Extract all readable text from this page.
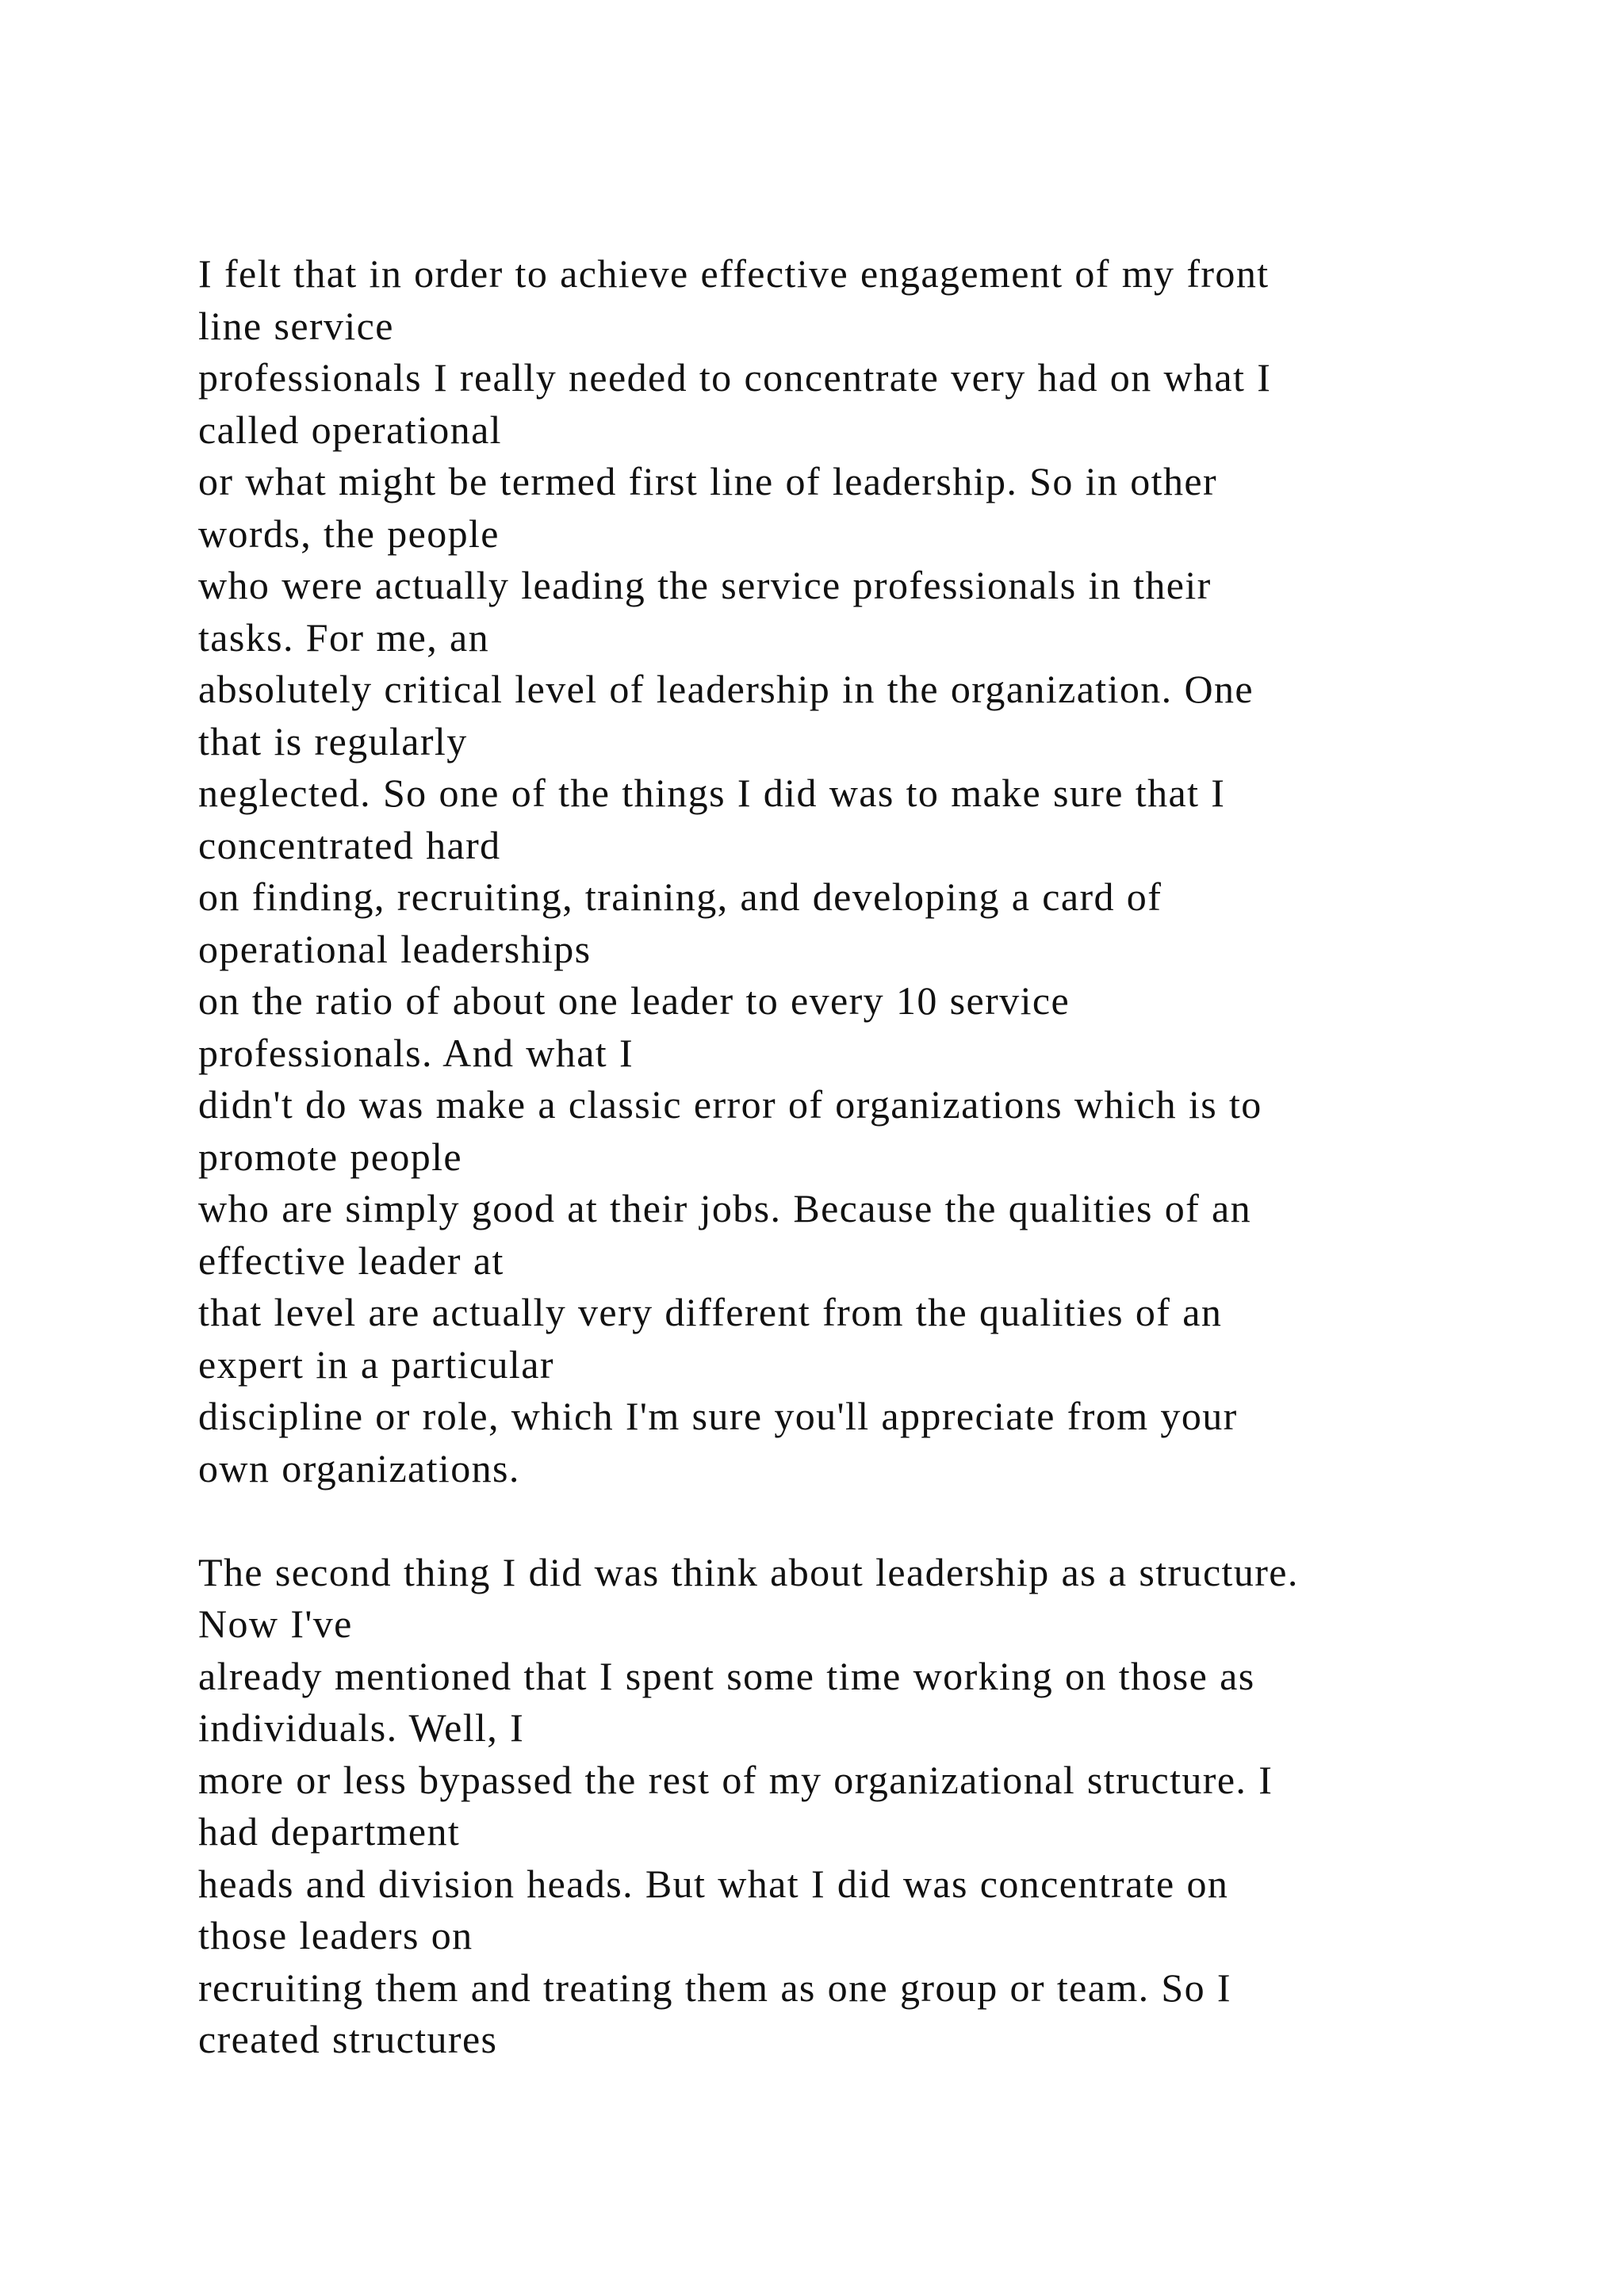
I felt that in order to achieve effective engagement of my front
line service
professionals I really needed to concentrate very had on what I
called operational
or what might be termed first line of leadership. So in other
words, the people
who were actually leading the service professionals in their
tasks. For me, an
absolutely critical level of leadership in the organization. One
that is regularly
neglected. So one of the things I did was to make sure that I
concentrated hard
on finding, recruiting, training, and developing a card of
operational leaderships
on the ratio of about one leader to every 10 service
professionals. And what I
didn't do was make a classic error of organizations which is to
promote people
who are simply good at their jobs. Because the qualities of an
effective leader at
that level are actually very different from the qualities of an
expert in a particular
discipline or role, which I'm sure you'll appreciate from your
own organizations.
The second thing I did was think about leadership as a structure.
Now I've
already mentioned that I spent some time working on those as
individuals. Well, I
more or less bypassed the rest of my organizational structure. I
had department
heads and division heads. But what I did was concentrate on
those leaders on
recruiting them and treating them as one group or team. So I
created structures
